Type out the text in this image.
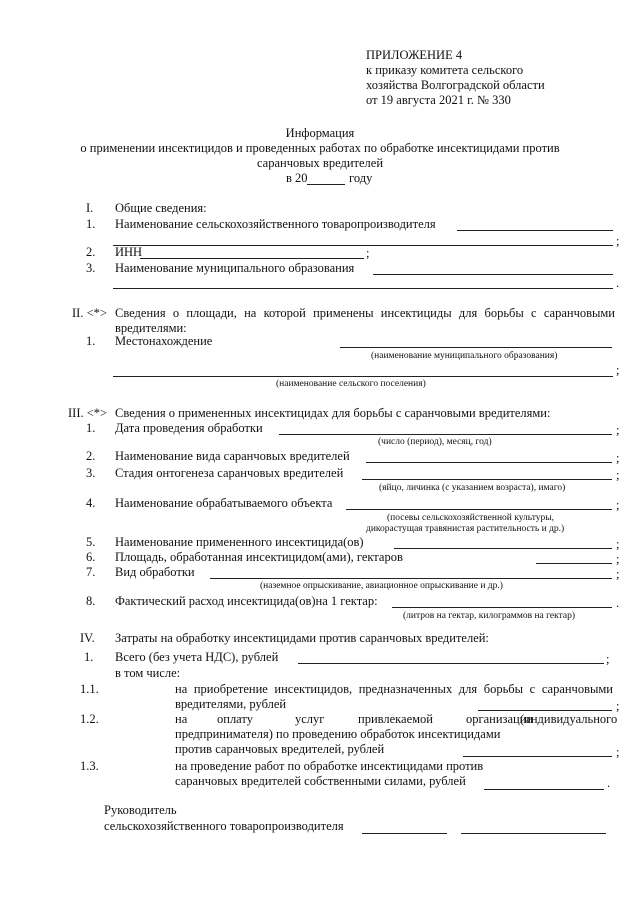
ПРИЛОЖЕНИЕ 4
к приказу комитета сельского
хозяйства Волгоградской области
от 19 августа 2021 г. № 330
Информация
о применении инсектицидов и проведенных работах по обработке инсектицидами против
саранчовых вредителей
в 20	году
I. Общие сведения:
1. Наименование сельскохозяйственного товаропроизводителя
;
2. ИНН	;
3. Наименование муниципального образования
.
II. <*> Сведения о площади, на которой применены инсектициды для борьбы с саранчовыми
вредителями:
1. Местонахождение
(наименование муниципального образования)
;
(наименование сельского поселения)
III. <*> Сведения о примененных инсектицидах для борьбы с саранчовыми вредителями:
1. Дата проведения обработки	;
(число (период), месяц, год)
2. Наименование вида саранчовых вредителей	;
3. Стадия онтогенеза саранчовых вредителей	;
(яйцо, личинка (с указанием возраста), имаго)
4. Наименование обрабатываемого объекта	;
(посевы сельскохозяйственной культуры,
дикорастущая травянистая растительность и др.)
5. Наименование примененного инсектицида(ов)	;
6. Площадь, обработанная инсектицидом(ами), гектаров	;
7. Вид обработки	;
(наземное опрыскивание, авиационное опрыскивание и др.)
8. Фактический расход инсектицида(ов)на 1 гектар:	.
(литров на гектар, килограммов на гектар)
IV. Затраты на обработку инсектицидами против саранчовых вредителей:
1. Всего (без учета НДС), рублей	;
в том числе:
1.1.	на приобретение инсектицидов, предназначенных для борьбы с саранчовыми
вредителями, рублей	;
1.2.	на оплату	услуг	привлекаемой	организации
(индивидуального
предпринимателя) по проведению обработок инсектицидами
против саранчовых вредителей, рублей	;
1.3.	на проведение работ по обработке инсектицидами против
саранчовых вредителей собственными силами, рублей	.
Руководитель
сельскохозяйственного товаропроизводителя
